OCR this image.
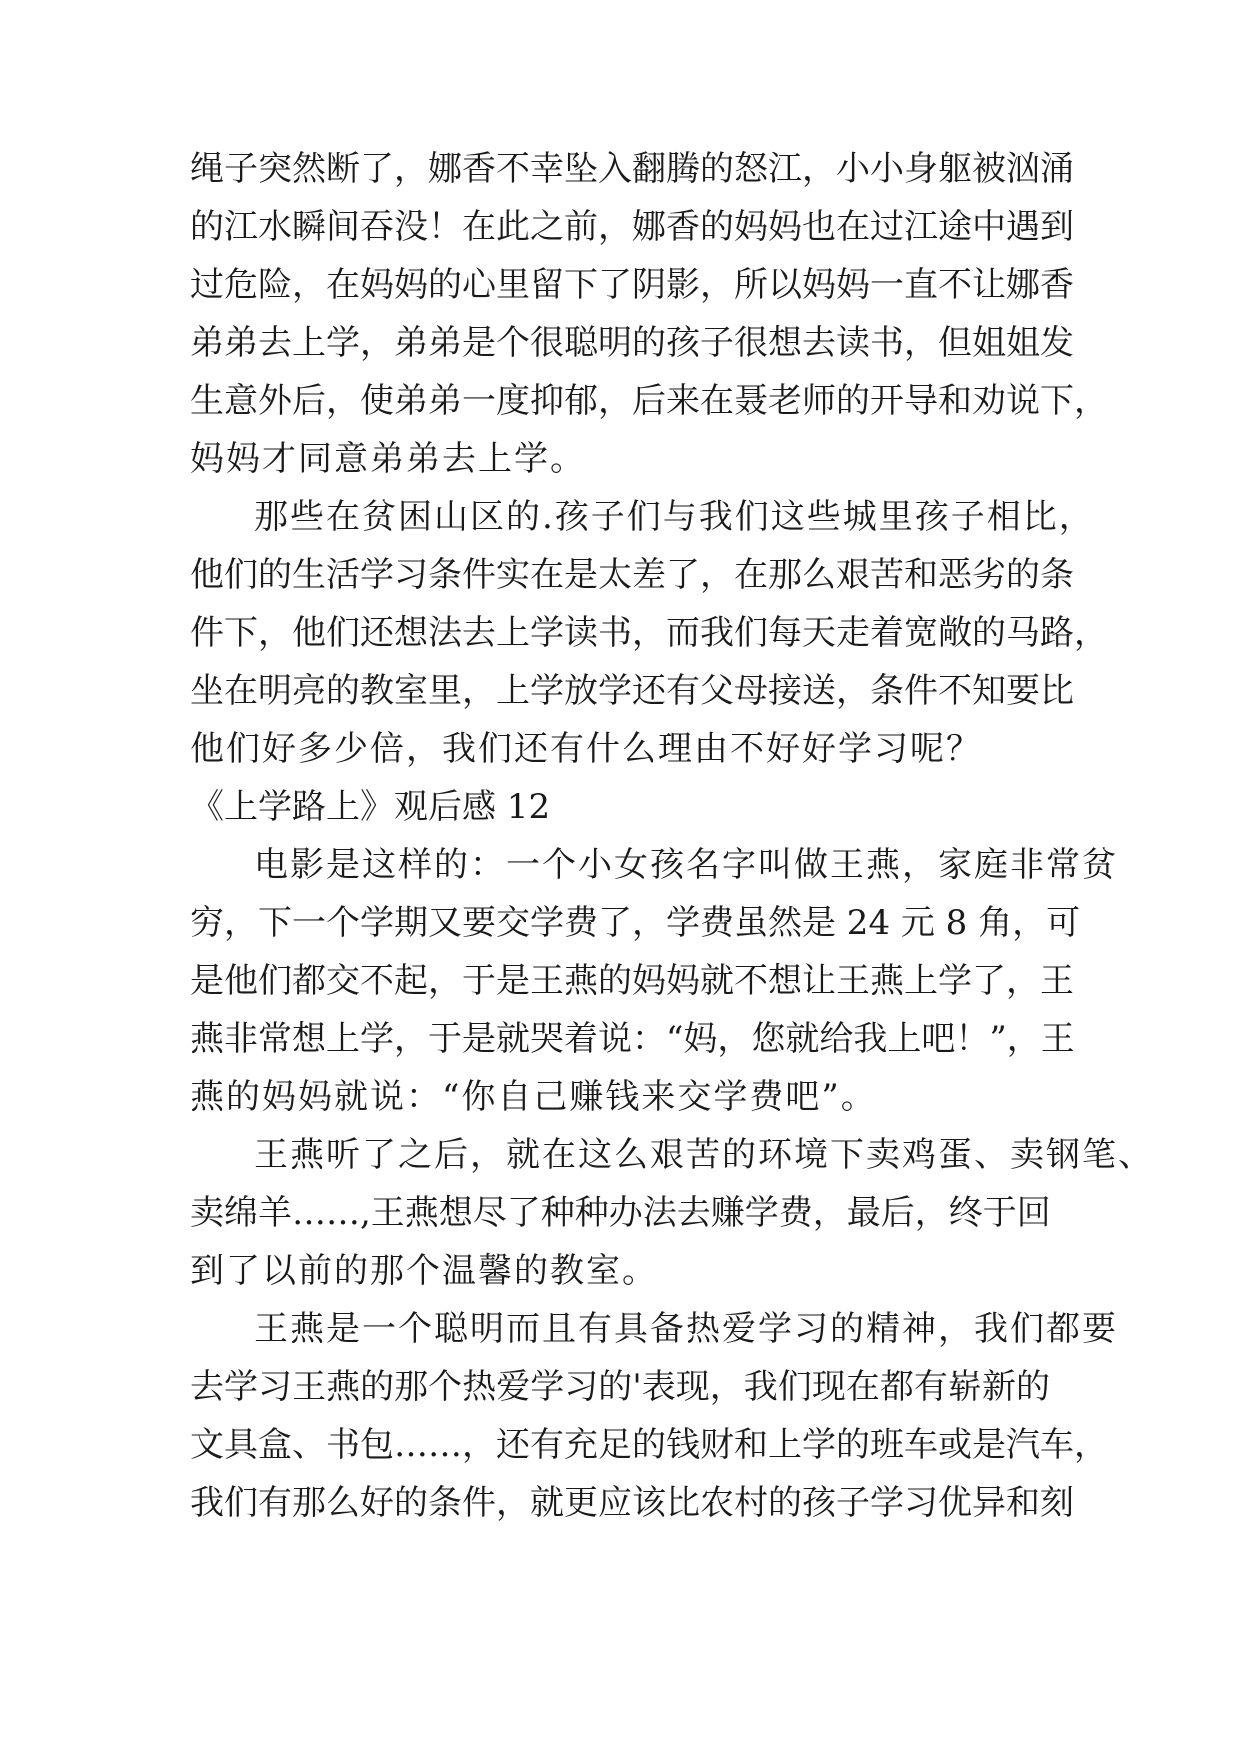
绳子突然断了，娜香不幸坠入翻腾的怒江，小小身躯被汹涌
的江水瞬间吞没！在此之前，娜香的妈妈也在过江途中遇到
过危险，在妈妈的心里留下了阴影，所以妈妈一直不让娜香
弟弟去上学，弟弟是个很聪明的孩子很想去读书，但姐姐发
生意外后，使弟弟一度抑郁，后来在聂老师的开导和劝说下，
妈妈才同意弟弟去上学。
那些在贫困山区的.孩子们与我们这些城里孩子相比，
他们的生活学习条件实在是太差了，在那么艰苦和恶劣的条
件下，他们还想法去上学读书，而我们每天走着宽敞的马路，
坐在明亮的教室里，上学放学还有父母接送，条件不知要比
他们好多少倍，我们还有什么理由不好好学习呢？
《上学路上》观后感 12
电影是这样的：一个小女孩名字叫做王燕，家庭非常贫
穷，下一个学期又要交学费了，学费虽然是 24 元 8 角，可
是他们都交不起，于是王燕的妈妈就不想让王燕上学了，王
燕非常想上学，于是就哭着说：“妈，您就给我上吧！”，王
燕的妈妈就说：“你自己赚钱来交学费吧”。
王燕听了之后，就在这么艰苦的环境下卖鸡蛋、卖钢笔、
卖绵羊……,王燕想尽了种种办法去赚学费，最后，终于回
到了以前的那个温馨的教室。
王燕是一个聪明而且有具备热爱学习的精神，我们都要
去学习王燕的那个热爱学习的'表现，我们现在都有崭新的
文具盒、书包……，还有充足的钱财和上学的班车或是汽车，
我们有那么好的条件，就更应该比农村的孩子学习优异和刻
